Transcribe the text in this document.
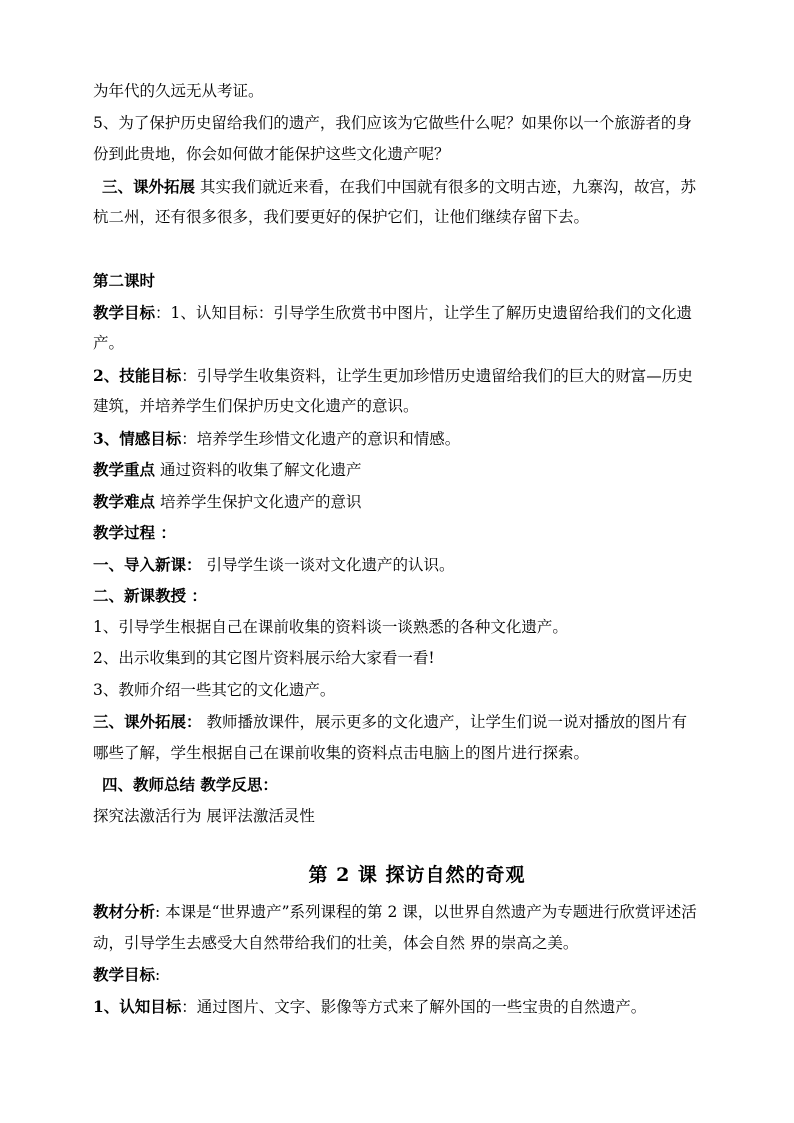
为年代的久远无从考证。
5、为了保护历史留给我们的遗产，我们应该为它做些什么呢？如果你以一个旅游者的身
份到此贵地，你会如何做才能保护这些文化遗产呢？
三、课外拓展 其实我们就近来看，在我们中国就有很多的文明古迹，九寨沟，故宫，苏
杭二州，还有很多很多，我们要更好的保护它们，让他们继续存留下去。
第二课时
教学目标：1、认知目标：引导学生欣赏书中图片，让学生了解历史遗留给我们的文化遗
产。
2、技能目标：引导学生收集资料，让学生更加珍惜历史遗留给我们的巨大的财富—历史
建筑，并培养学生们保护历史文化遗产的意识。
3、情感目标：培养学生珍惜文化遗产的意识和情感。
教学重点 通过资料的收集了解文化遗产
教学难点 培养学生保护文化遗产的意识
教学过程 ：
一、导入新课： 引导学生谈一谈对文化遗产的认识。
二、新课教授 ：
1、引导学生根据自己在课前收集的资料谈一谈熟悉的各种文化遗产。
2、出示收集到的其它图片资料展示给大家看一看!
3、教师介绍一些其它的文化遗产。
三、课外拓展： 教师播放课件，展示更多的文化遗产，让学生们说一说对播放的图片有
哪些了解，学生根据自己在课前收集的资料点击电脑上的图片进行探索。
四、教师总结 教学反思：
探究法激活行为 展评法激活灵性
第 2 课 探访自然的奇观
教材分析: 本课是“世界遗产”系列课程的第 2 课，以世界自然遗产为专题进行欣赏评述活
动，引导学生去感受大自然带给我们的壮美，体会自然 界的崇高之美。
教学目标:
1、认知目标：通过图片、文字、影像等方式来了解外国的一些宝贵的自然遗产。
